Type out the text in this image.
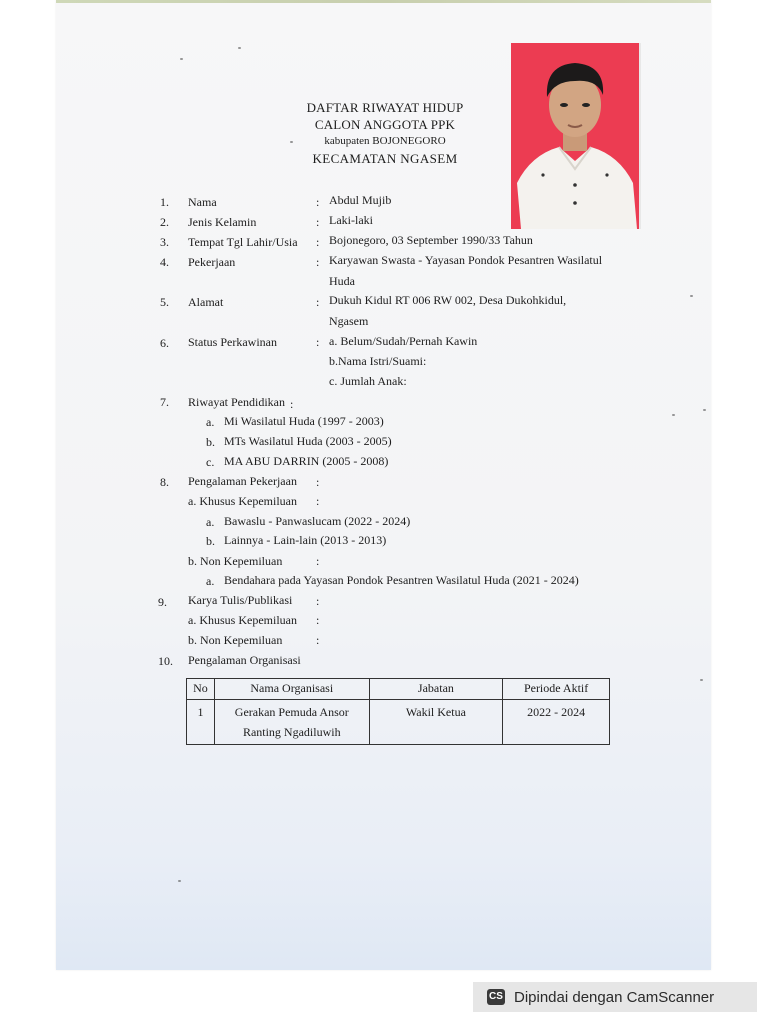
DAFTAR RIWAYAT HIDUP
CALON ANGGOTA PPK
kabupaten BOJONEGORO
KECAMATAN NGASEM
1. Nama	: Abdul Mujib
2. Jenis Kelamin	: Laki-laki
3. Tempat Tgl Lahir/Usia : Bojonegoro, 03 September 1990/33 Tahun
4. Pekerjaan	: Karyawan Swasta - Yayasan Pondok Pesantren Wasilatul
Huda
5. Alamat	: Dukuh Kidul RT 006 RW 002, Desa Dukohkidul,
Ngasem
6. Status Perkawinan	: a. Belum/Sudah/Pernah Kawin
b.Nama Istri/Suami:
c. Jumlah Anak:
7. Riwayat Pendidikan :
a. Mi Wasilatul Huda (1997 - 2003)
b. MTs Wasilatul Huda (2003 - 2005)
c. MA ABU DARRIN (2005 - 2008)
8. Pengalaman Pekerjaan :
a. Khusus Kepemiluan :
a. Bawaslu - Panwaslucam (2022 - 2024)
b. Lainnya - Lain-lain (2013 - 2013)
b. Non Kepemiluan	:
a. Bendahara pada Yayasan Pondok Pesantren Wasilatul Huda (2021 - 2024)
9. Karya Tulis/Publikasi :
a. Khusus Kepemiluan :
b. Non Kepemiluan	:
10. Pengalaman Organisasi
No	Nama Organisasi	Jabatan	Periode Aktif
1	Gerakan Pemuda Ansor
Ranting Ngadiluwih	Wakil Ketua	2022 - 2024
CS Dipindai dengan CamScanner
